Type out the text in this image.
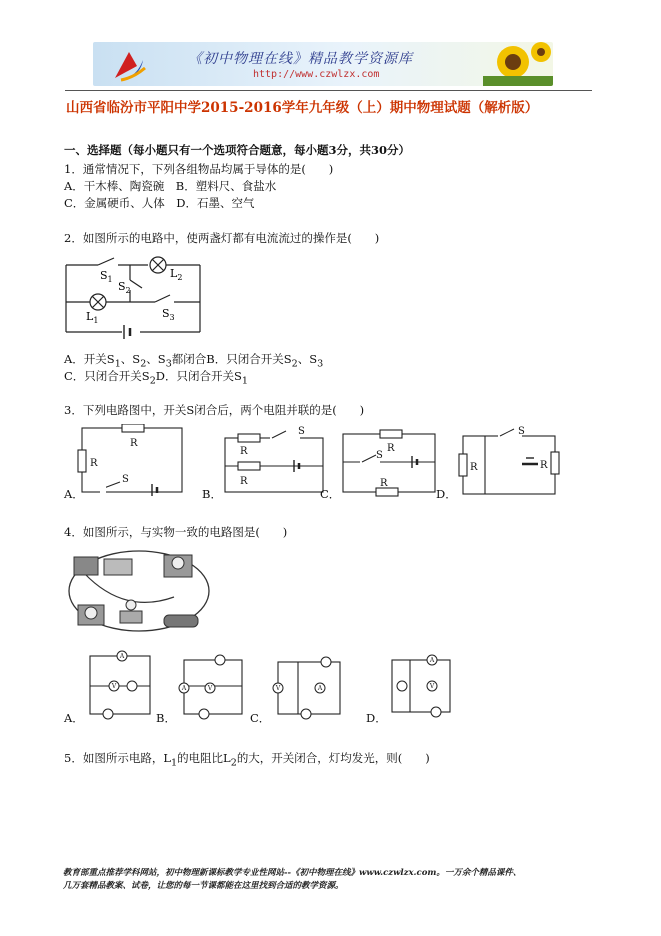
《初中物理在线》精品教学资源库
http://www.czwlzx.com
山西省临汾市平阳中学2015-2016学年九年级（上）期中物理试题（解析版）
一、选择题（每小题只有一个选项符合题意，每小题3分，共30分）
1．通常情况下，下列各组物品均属于导体的是(　　)
A．干木棒、陶瓷碗　B．塑料尺、食盐水
C．金属硬币、人体　D．石墨、空气
2．如图所示的电路中，使两盏灯都有电流流过的操作是(　　)
$S_1$
$S_2$
$S_3$
$L_1$
$L_2$
A．开关$S_1$、$S_2$、$S_3$都闭合B．只闭合开关$S_2$、$S_3$
C．只闭合开关$S_2D$．只闭合开关$S_1$
3．下列电路图中，开关S闭合后，两个电阻并联的是(　　)
R
R
S
R
R
S
R
R
S
R	R
S
A．	B．	C．	D．
4．如图所示，与实物一致的电路图是(　　)
A
V	A	V	A
V
A
V
A．	B．	C．	D．
5．如图所示电路，$L_1$的电阻比$L_2$的大，开关闭合，灯均发光，则(　　)
教育部重点推荐学科网站，初中物理新课标教学专业性网站--《初中物理在线》www.czwlzx.com。一万余个精品课件、
几万套精品教案、试卷，让您的每一节课都能在这里找到合适的教学资源。
